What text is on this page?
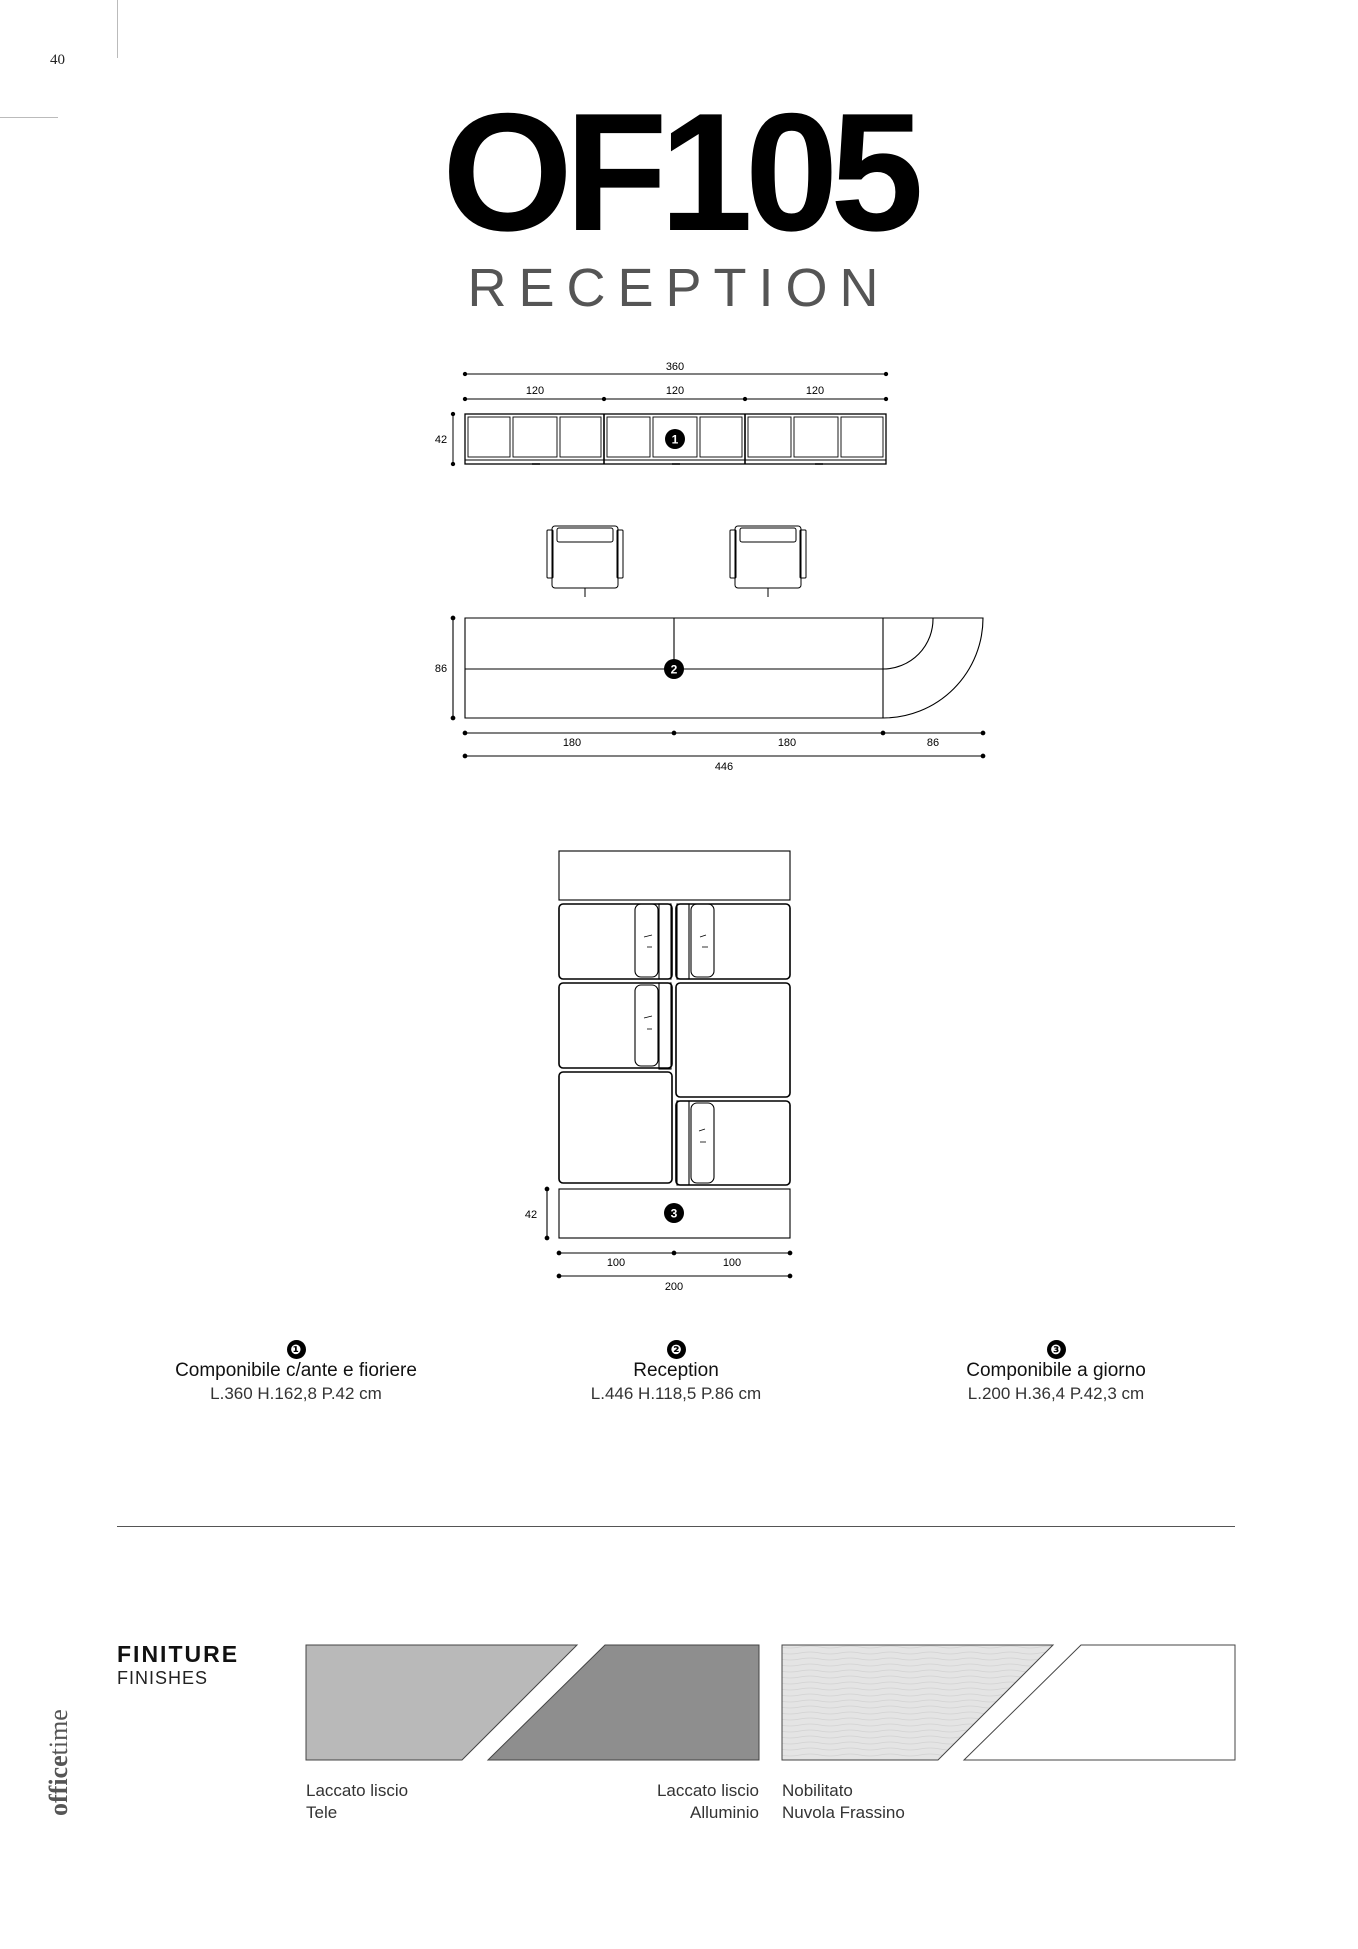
40
OF105
RECEPTION
360
120	120	120
42	1
180	180	86
446
86	2
42
100	100
200
3
❶
Componibile c/ante e fioriere
L.360 H.162,8 P.42 cm
❷
Reception
L.446 H.118,5 P.86 cm
❸
Componibile a giorno
L.200 H.36,4 P.42,3 cm
FINITURE
FINISHES
Laccato liscio
Tele
Laccato liscio
Alluminio
Nobilitato
Nuvola Frassino
officetime
